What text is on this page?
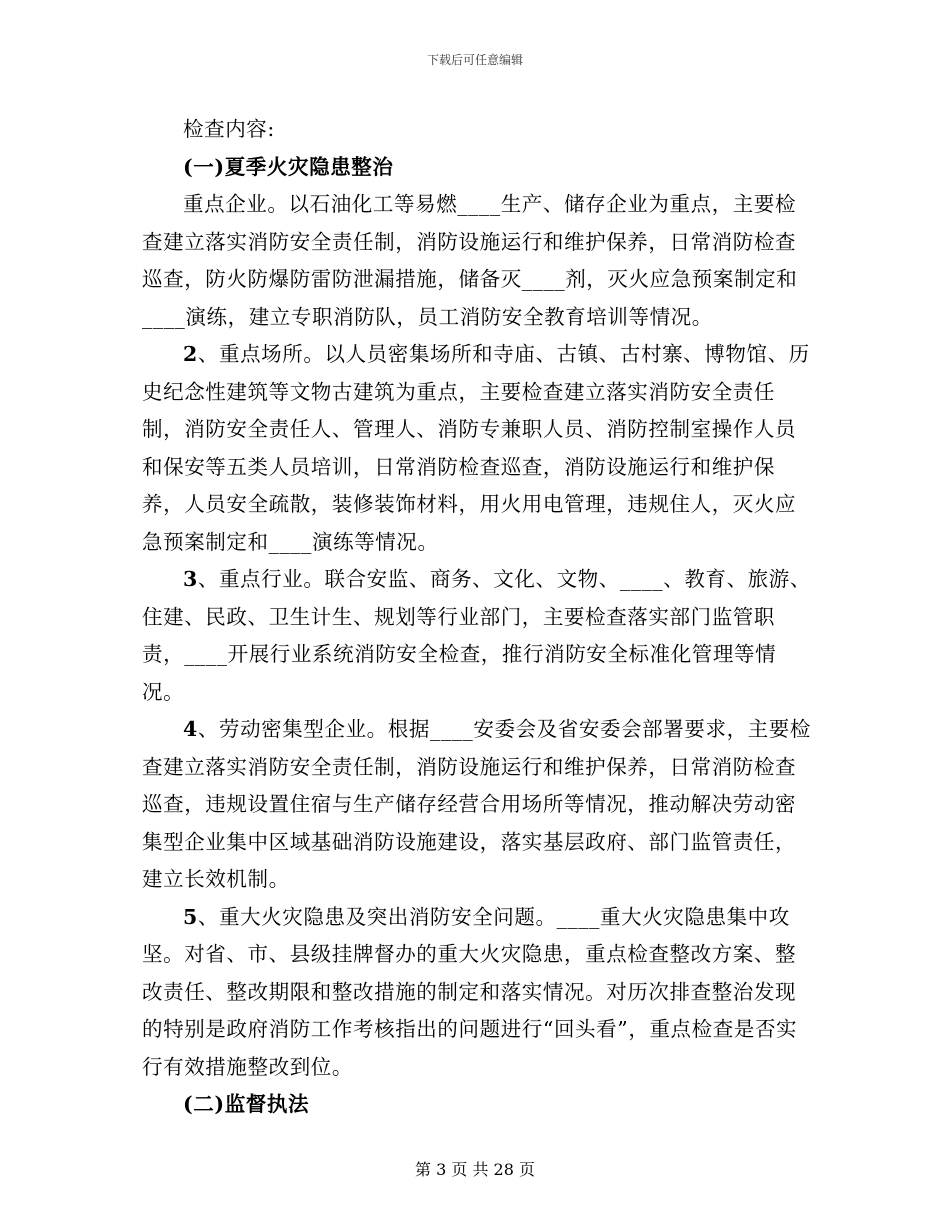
下载后可任意编辑

检查内容:

(一)夏季火灾隐患整治

重点企业。以石油化工等易燃____生产、储存企业为重点，主要检查建立落实消防安全责任制，消防设施运行和维护保养，日常消防检查巡查，防火防爆防雷防泄漏措施，储备灭____剂，灭火应急预案制定和____演练，建立专职消防队，员工消防安全教育培训等情况。

2、重点场所。以人员密集场所和寺庙、古镇、古村寨、博物馆、历史纪念性建筑等文物古建筑为重点，主要检查建立落实消防安全责任制，消防安全责任人、管理人、消防专兼职人员、消防控制室操作人员和保安等五类人员培训，日常消防检查巡查，消防设施运行和维护保养，人员安全疏散，装修装饰材料，用火用电管理，违规住人，灭火应急预案制定和____演练等情况。

3、重点行业。联合安监、商务、文化、文物、____、教育、旅游、住建、民政、卫生计生、规划等行业部门，主要检查落实部门监管职责，____开展行业系统消防安全检查，推行消防安全标准化管理等情况。

4、劳动密集型企业。根据____安委会及省安委会部署要求，主要检查建立落实消防安全责任制，消防设施运行和维护保养，日常消防检查巡查，违规设置住宿与生产储存经营合用场所等情况，推动解决劳动密集型企业集中区域基础消防设施建设，落实基层政府、部门监管责任，建立长效机制。

5、重大火灾隐患及突出消防安全问题。____重大火灾隐患集中攻坚。对省、市、县级挂牌督办的重大火灾隐患，重点检查整改方案、整改责任、整改期限和整改措施的制定和落实情况。对历次排查整治发现的特别是政府消防工作考核指出的问题进行“回头看”，重点检查是否实行有效措施整改到位。

(二)监督执法
第 3 页 共 28 页
